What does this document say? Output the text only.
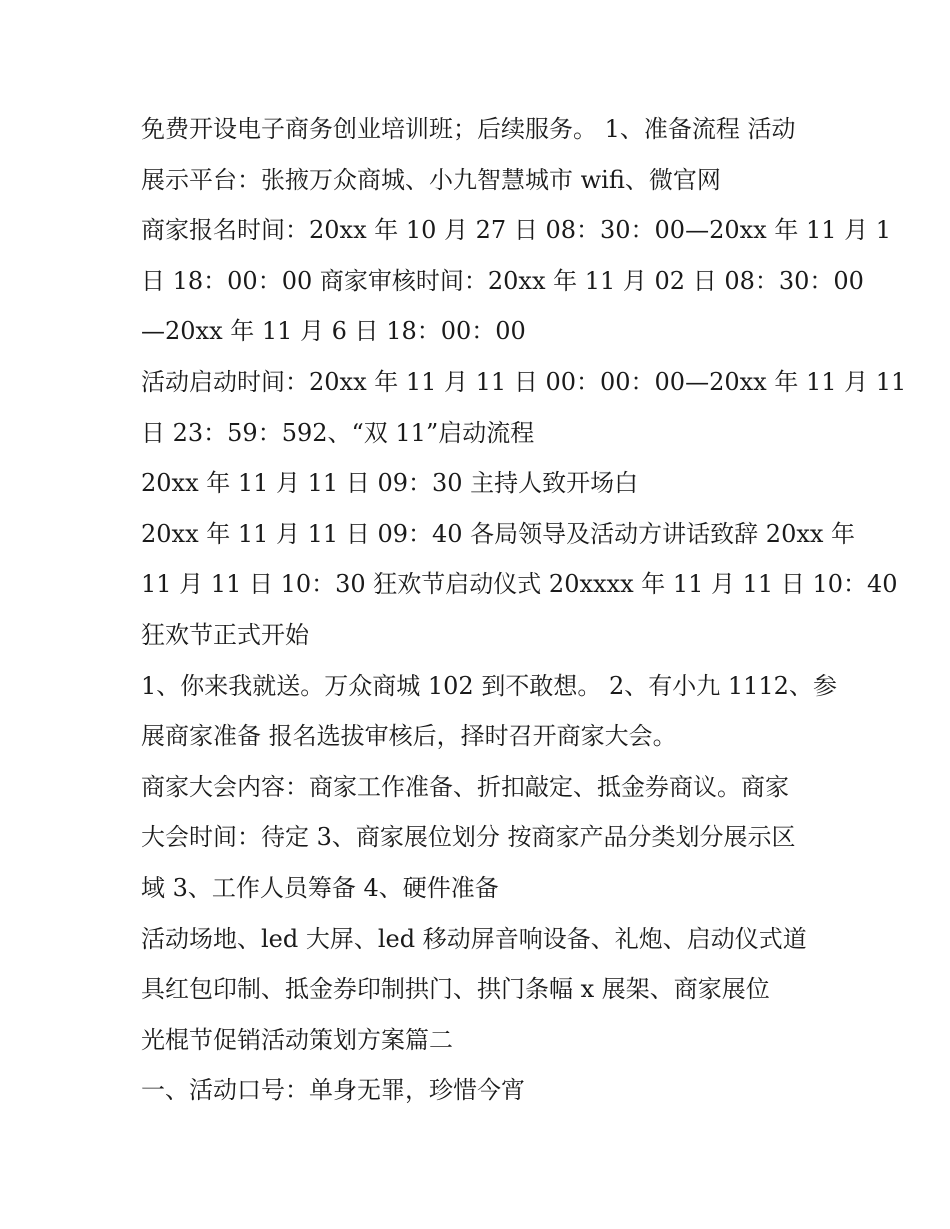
免费开设电子商务创业培训班；后续服务。 1、准备流程 活动
展示平台：张掖万众商城、小九智慧城市 wifi、微官网
商家报名时间：20xx 年 10 月 27 日 08：30：00—20xx 年 11 月 1
日 18：00：00 商家审核时间：20xx 年 11 月 02 日 08：30：00
—20xx 年 11 月 6 日 18：00：00
活动启动时间：20xx 年 11 月 11 日 00：00：00—20xx 年 11 月 11
日 23：59：592、“双 11”启动流程
20xx 年 11 月 11 日 09：30 主持人致开场白
20xx 年 11 月 11 日 09：40 各局领导及活动方讲话致辞 20xx 年
11 月 11 日 10：30 狂欢节启动仪式 20xxxx 年 11 月 11 日 10：40
狂欢节正式开始
1、你来我就送。万众商城 102 到不敢想。 2、有小九 1112、参
展商家准备 报名选拔审核后，择时召开商家大会。
商家大会内容：商家工作准备、折扣敲定、抵金券商议。商家
大会时间：待定 3、商家展位划分 按商家产品分类划分展示区
域 3、工作人员筹备 4、硬件准备
活动场地、led 大屏、led 移动屏音响设备、礼炮、启动仪式道
具红包印制、抵金券印制拱门、拱门条幅 x 展架、商家展位
光棍节促销活动策划方案篇二
一、活动口号：单身无罪，珍惜今宵
